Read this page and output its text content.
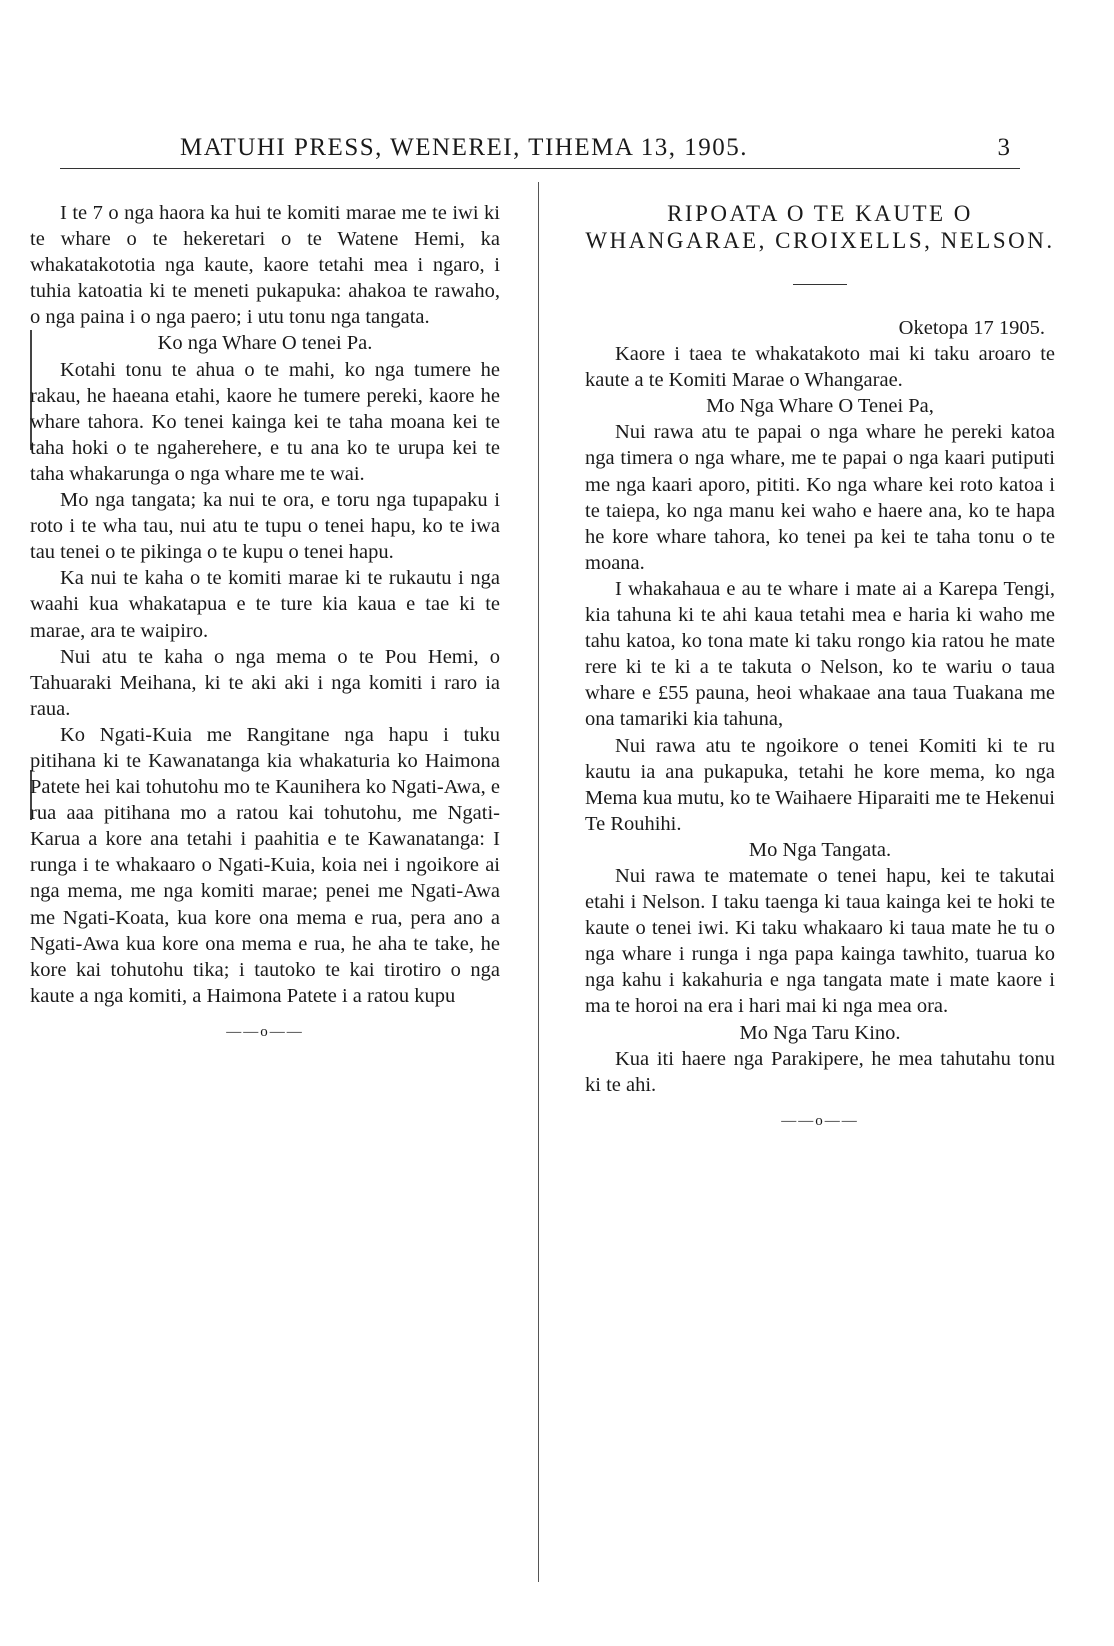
MATUHI PRESS, WENEREI, TIHEMA 13, 1905.	3

I te 7 o nga haora ka hui te komiti marae me te iwi ki te whare o te hekeretari o te Watene Hemi, ka whakatakototia nga kaute, kaore tetahi mea i ngaro, i tuhia katoatia ki te meneti pukapuka: ahakoa te rawaho, o nga paina i o nga paero; i utu tonu nga tangata.

Ko nga Whare O tenei Pa.

Kotahi tonu te ahua o te mahi, ko nga tumere he rakau, he haeana etahi, kaore he tumere pereki, kaore he whare tahora. Ko tenei kainga kei te taha moana kei te taha hoki o te ngaherehere, e tu ana ko te urupa kei te taha whakarunga o nga whare me te wai.

Mo nga tangata; ka nui te ora, e toru nga tupapaku i roto i te wha tau, nui atu te tupu o tenei hapu, ko te iwa tau tenei o te pikinga o te kupu o tenei hapu.

Ka nui te kaha o te komiti marae ki te rukautu i nga waahi kua whakatapua e te ture kia kaua e tae ki te marae, ara te waipiro.

Nui atu te kaha o nga mema o te Pou Hemi, o Tahuaraki Meihana, ki te aki aki i nga komiti i raro ia raua.

Ko Ngati-Kuia me Rangitane nga hapu i tuku pitihana ki te Kawanatanga kia whakaturia ko Haimona Patete hei kai tohutohu mo te Kaunihera ko Ngati-Awa, e rua aaa pitihana mo a ratou kai tohutohu, me Ngati-Karua a kore ana tetahi i paahitia e te Kawanatanga: I runga i te whakaaro o Ngati-Kuia, koia nei i ngoikore ai nga mema, me nga komiti marae; penei me Ngati-Awa me Ngati-Koata, kua kore ona mema e rua, pera ano a Ngati-Awa kua kore ona mema e rua, he aha te take, he kore kai tohutohu tika; i tautoko te kai tirotiro o nga kaute a nga komiti, a Haimona Patete i a ratou kupu

——o——

RIPOATA O TE KAUTE O WHANGARAE, CROIXELLS, NELSON.

Oketopa 17 1905.

Kaore i taea te whakatakoto mai ki taku aroaro te kaute a te Komiti Marae o Whangarae.

Mo Nga Whare O Tenei Pa,

Nui rawa atu te papai o nga whare he pereki katoa nga timera o nga whare, me te papai o nga kaari putiputi me nga kaari aporo, pititi. Ko nga whare kei roto katoa i te taiepa, ko nga manu kei waho e haere ana, ko te hapa he kore whare tahora, ko tenei pa kei te taha tonu o te moana.

I whakahaua e au te whare i mate ai a Karepa Tengi, kia tahuna ki te ahi kaua tetahi mea e haria ki waho me tahu katoa, ko tona mate ki taku rongo kia ratou he mate rere ki te ki a te takuta o Nelson, ko te wariu o taua whare e £55 pauna, heoi whakaae ana taua Tuakana me ona tamariki kia tahuna,

Nui rawa atu te ngoikore o tenei Komiti ki te ru kautu ia ana pukapuka, tetahi he kore mema, ko nga Mema kua mutu, ko te Waihaere Hiparaiti me te Hekenui Te Rouhihi.

Mo Nga Tangata.

Nui rawa te matemate o tenei hapu, kei te takutai etahi i Nelson. I taku taenga ki taua kainga kei te hoki te kaute o tenei iwi. Ki taku whakaaro ki taua mate he tu o nga whare i runga i nga papa kainga tawhito, tuarua ko nga kahu i kakahuria e nga tangata mate i mate kaore i ma te horoi na era i hari mai ki nga mea ora.

Mo Nga Taru Kino.

Kua iti haere nga Parakipere, he mea tahutahu tonu ki te ahi.

——o——
